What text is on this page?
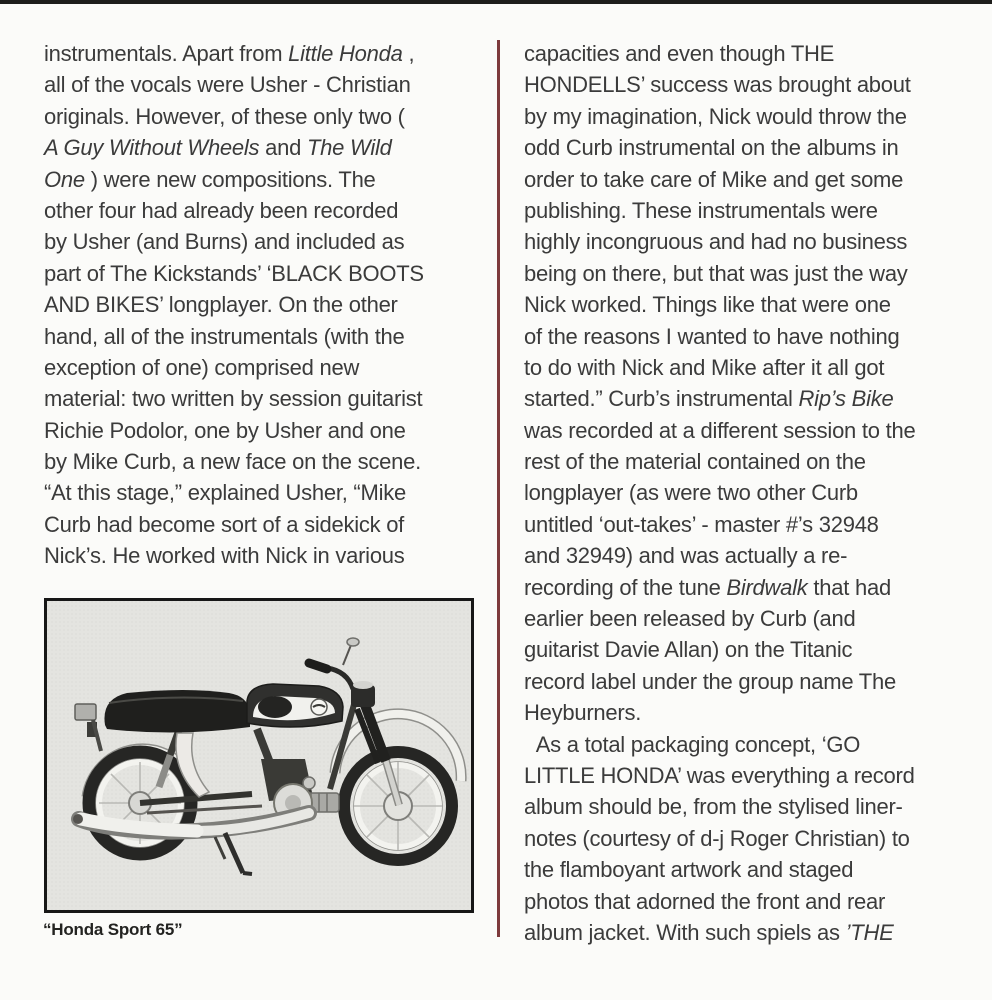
instrumentals. Apart from Little Honda ,
all of the vocals were Usher - Christian
originals. However, of these only two (
A Guy Without Wheels and The Wild
One ) were new compositions. The
other four had already been recorded
by Usher (and Burns) and included as
part of The Kickstands’ ‘BLACK BOOTS
AND BIKES’ longplayer. On the other
hand, all of the instrumentals (with the
exception of one) comprised new
material: two written by session guitarist
Richie Podolor, one by Usher and one
by Mike Curb, a new face on the scene.
“At this stage,” explained Usher, “Mike
Curb had become sort of a sidekick of
Nick’s. He worked with Nick in various
capacities and even though THE
HONDELLS’ success was brought about
by my imagination, Nick would throw the
odd Curb instrumental on the albums in
order to take care of Mike and get some
publishing. These instrumentals were
highly incongruous and had no business
being on there, but that was just the way
Nick worked. Things like that were one
of the reasons I wanted to have nothing
to do with Nick and Mike after it all got
started.” Curb’s instrumental Rip’s Bike
was recorded at a different session to the
rest of the material contained on the
longplayer (as were two other Curb
untitled ‘out-takes’ - master #’s 32948
and 32949) and was actually a re-
recording of the tune Birdwalk that had
earlier been released by Curb (and
guitarist Davie Allan) on the Titanic
record label under the group name The
Heyburners.
As a total packaging concept, ‘GO
LITTLE HONDA’ was everything a record
album should be, from the stylised liner-
notes (courtesy of d-j Roger Christian) to
the flamboyant artwork and staged
photos that adorned the front and rear
album jacket. With such spiels as ’THE
“Honda Sport 65”
